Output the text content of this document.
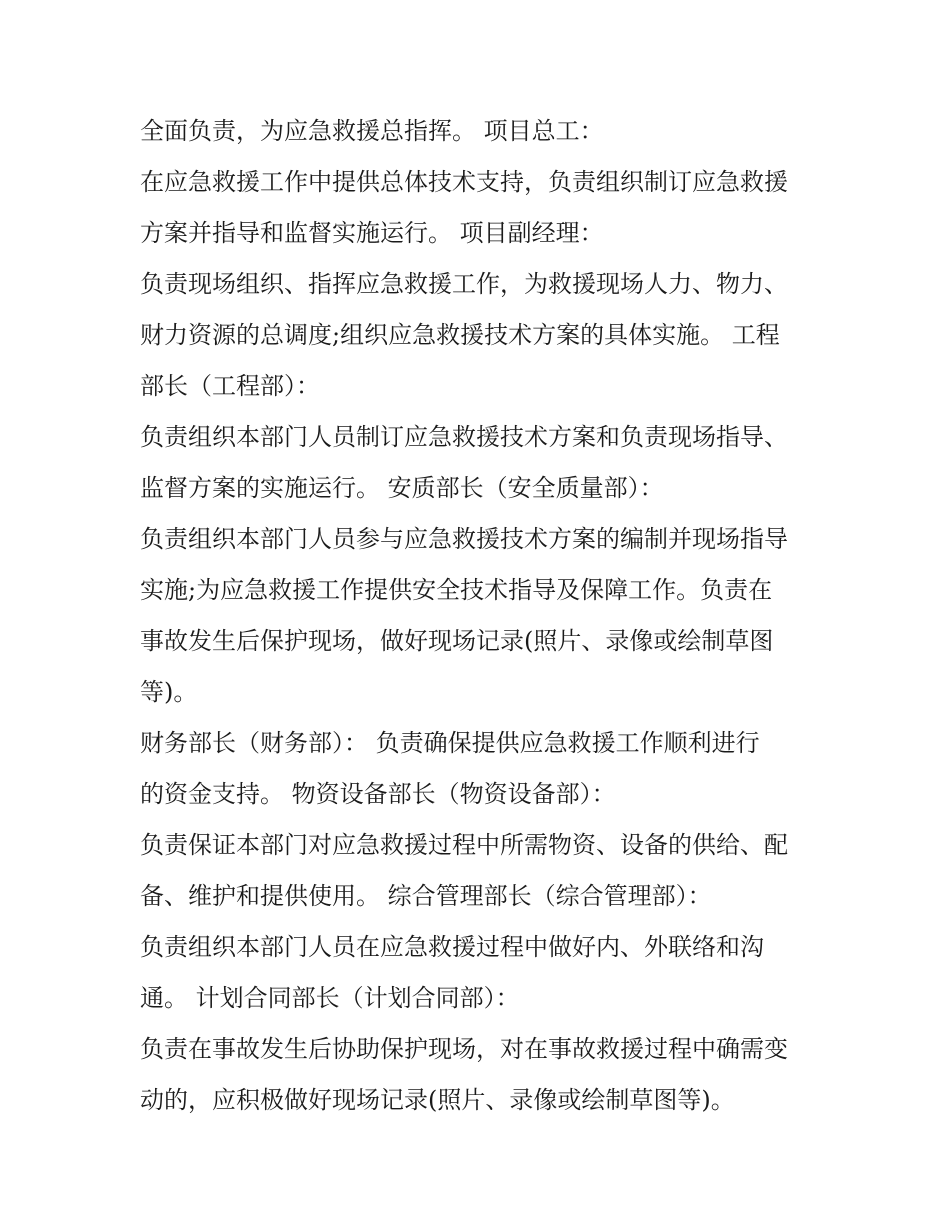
全面负责，为应急救援总指挥。 项目总工：
在应急救援工作中提供总体技术支持，负责组织制订应急救援
方案并指导和监督实施运行。 项目副经理：
负责现场组织、指挥应急救援工作，为救援现场人力、物力、
财力资源的总调度;组织应急救援技术方案的具体实施。 工程
部长（工程部）：
负责组织本部门人员制订应急救援技术方案和负责现场指导、
监督方案的实施运行。 安质部长（安全质量部）：
负责组织本部门人员参与应急救援技术方案的编制并现场指导
实施;为应急救援工作提供安全技术指导及保障工作。负责在
事故发生后保护现场，做好现场记录(照片、录像或绘制草图
等)。
财务部长（财务部）： 负责确保提供应急救援工作顺利进行
的资金支持。 物资设备部长（物资设备部）：
负责保证本部门对应急救援过程中所需物资、设备的供给、配
备、维护和提供使用。 综合管理部长（综合管理部）：
负责组织本部门人员在应急救援过程中做好内、外联络和沟
通。 计划合同部长（计划合同部）：
负责在事故发生后协助保护现场，对在事故救援过程中确需变
动的，应积极做好现场记录(照片、录像或绘制草图等)。
